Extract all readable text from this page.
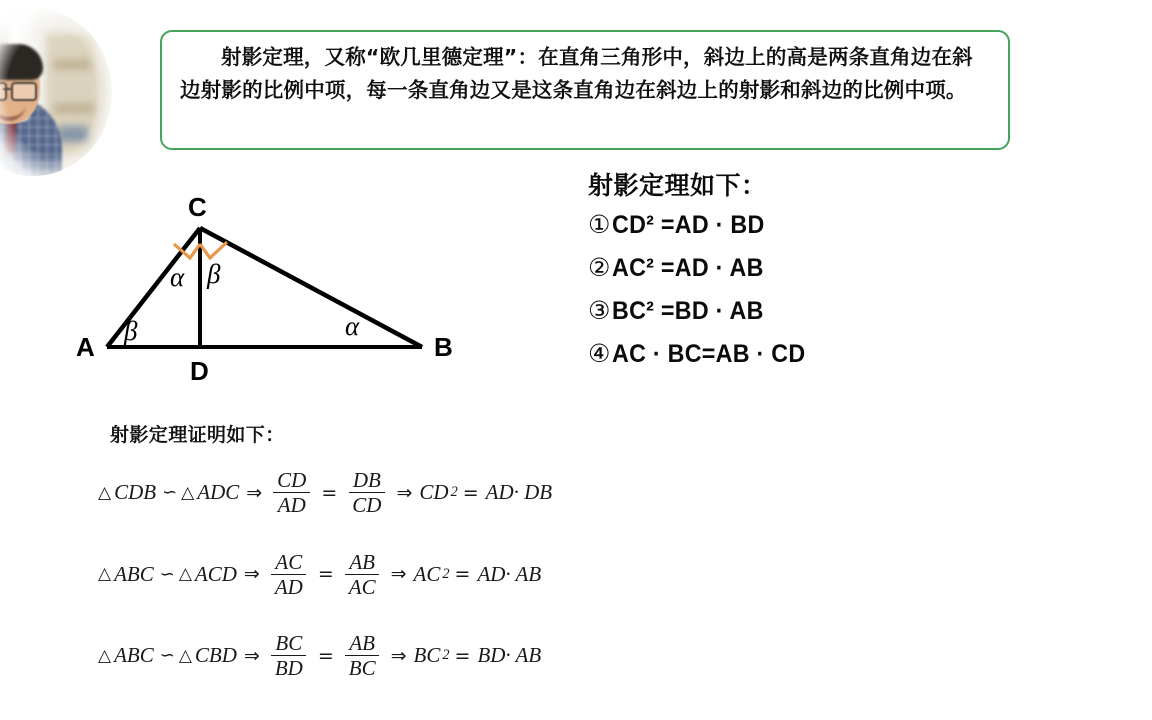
射影定理，又称“欧几里德定理”：在直角三角形中，斜边上的高是两条直角边在斜边射影的比例中项，每一条直角边又是这条直角边在斜边上的射影和斜边的比例中项。
A	B
C
D
β
α β
α
射影定理如下：
① CD² =AD · BD
② AC² =AD · AB
③ BC² =BD · AB
④ AC · BC=AB · CD
射影定理证明如下：
△ CDB ∽ △ ADC ⇒ $\frac{CD}{AD} = \frac{DB}{CD}$ ⇒ CD 2 = AD· DB
△ ABC ∽ △ ACD ⇒ $\frac{AC}{AD} = \frac{AB}{AC}$ ⇒ AC 2 = AD· AB
△ ABC ∽ △ CBD ⇒ $\frac{BC}{BD} = \frac{AB}{BC}$ ⇒ BC 2 = BD· AB
